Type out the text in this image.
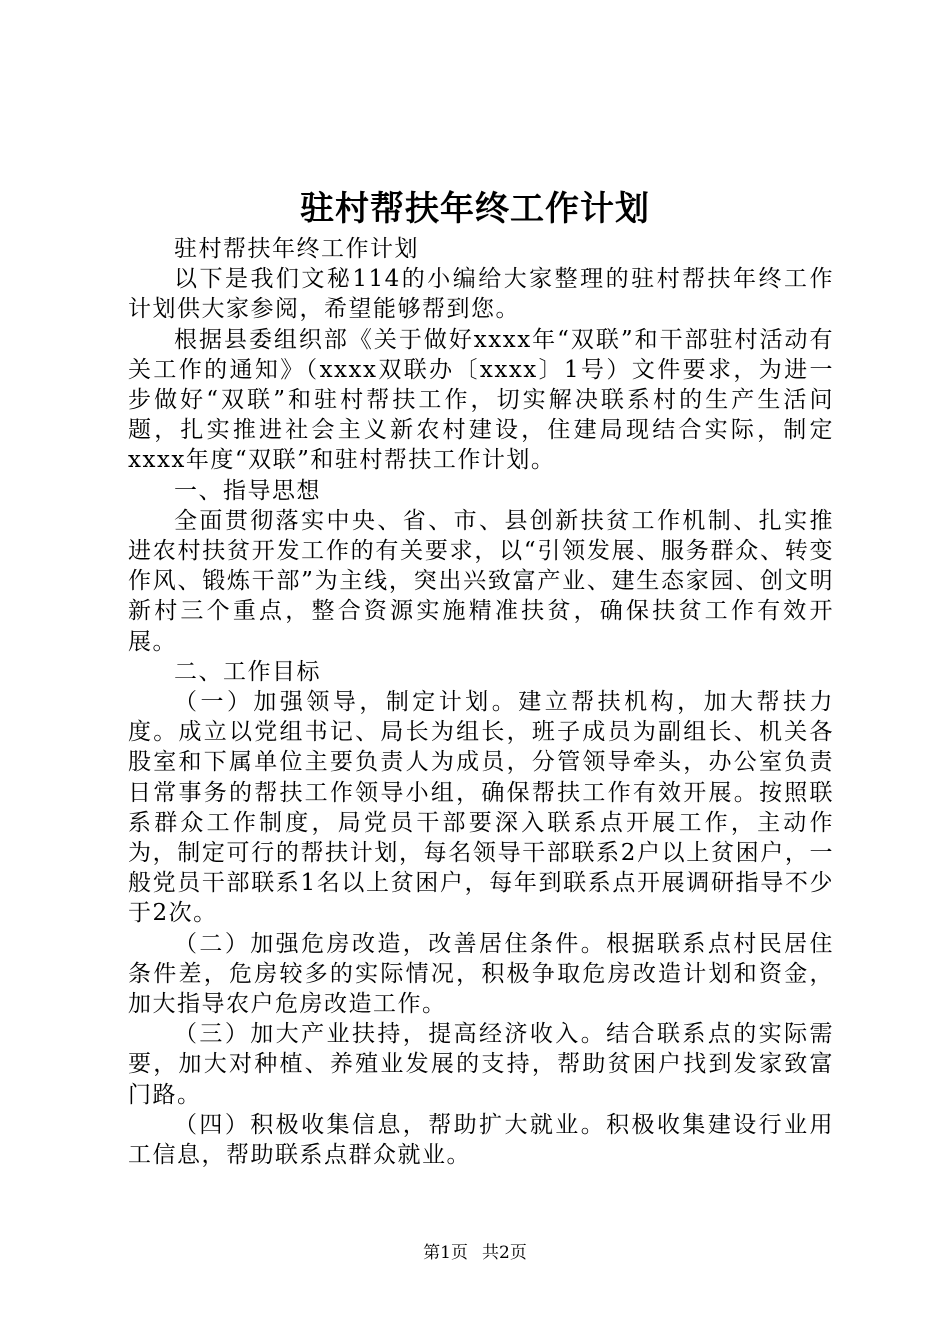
驻村帮扶年终工作计划

驻村帮扶年终工作计划

以下是我们文秘114的小编给大家整理的驻村帮扶年终工作计划供大家参阅，希望能够帮到您。

根据县委组织部《关于做好xxxx年“双联”和干部驻村活动有关工作的通知》（xxxx双联办〔xxxx〕1号）文件要求，为进一步做好“双联”和驻村帮扶工作，切实解决联系村的生产生活问题，扎实推进社会主义新农村建设，住建局现结合实际，制定xxxx年度“双联”和驻村帮扶工作计划。

一、指导思想

全面贯彻落实中央、省、市、县创新扶贫工作机制、扎实推进农村扶贫开发工作的有关要求，以“引领发展、服务群众、转变作风、锻炼干部”为主线，突出兴致富产业、建生态家园、创文明新村三个重点，整合资源实施精准扶贫，确保扶贫工作有效开展。

二、工作目标

（一）加强领导，制定计划。建立帮扶机构，加大帮扶力度。成立以党组书记、局长为组长，班子成员为副组长、机关各股室和下属单位主要负责人为成员，分管领导牵头，办公室负责日常事务的帮扶工作领导小组，确保帮扶工作有效开展。按照联系群众工作制度，局党员干部要深入联系点开展工作，主动作为，制定可行的帮扶计划，每名领导干部联系2户以上贫困户，一般党员干部联系1名以上贫困户，每年到联系点开展调研指导不少于2次。

（二）加强危房改造，改善居住条件。根据联系点村民居住条件差，危房较多的实际情况，积极争取危房改造计划和资金，加大指导农户危房改造工作。

（三）加大产业扶持，提高经济收入。结合联系点的实际需要，加大对种植、养殖业发展的支持，帮助贫困户找到发家致富门路。

（四）积极收集信息，帮助扩大就业。积极收集建设行业用工信息，帮助联系点群众就业。

第1页 共2页
